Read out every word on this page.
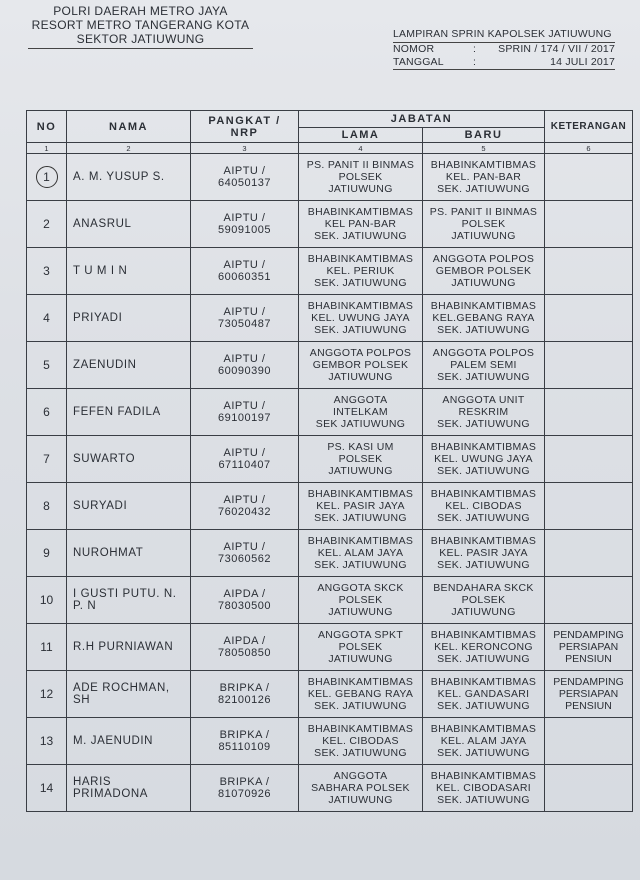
POLRI DAERAH METRO JAYA
RESORT METRO TANGERANG KOTA
SEKTOR JATIUWUNG	LAMPIRAN SPRIN KAPOLSEK JATIUWUNG
NOMOR	:	SPRIN / 174 / VII / 2017
TANGGAL	:	14 JULI 2017
NO	NAMA	PANGKAT / NRP	JABATAN		KETERANGAN
			LAMA	BARU	
1	2	3	4	5	6
1	A. M. YUSUP S.	AIPTU /
64050137	PS. PANIT II BINMAS
POLSEK
JATIUWUNG	BHABINKAMTIBMAS
KEL. PAN-BAR
SEK. JATIUWUNG	
2	ANASRUL	AIPTU /
59091005	BHABINKAMTIBMAS
KEL PAN-BAR
SEK. JATIUWUNG	PS. PANIT II BINMAS
POLSEK
JATIUWUNG	
3	T U M I N	AIPTU /
60060351	BHABINKAMTIBMAS
KEL. PERIUK
SEK. JATIUWUNG	ANGGOTA POLPOS
GEMBOR POLSEK
JATIUWUNG	
4	PRIYADI	AIPTU /
73050487	BHABINKAMTIBMAS
KEL. UWUNG JAYA
SEK. JATIUWUNG	BHABINKAMTIBMAS
KEL.GEBANG RAYA
SEK. JATIUWUNG	
5	ZAENUDIN	AIPTU /
60090390	ANGGOTA POLPOS
GEMBOR POLSEK
JATIUWUNG	ANGGOTA POLPOS
PALEM SEMI
SEK. JATIUWUNG	
6	FEFEN FADILA	AIPTU /
69100197	ANGGOTA
INTELKAM
SEK JATIUWUNG	ANGGOTA UNIT
RESKRIM
SEK. JATIUWUNG	
7	SUWARTO	AIPTU /
67110407	PS. KASI UM
POLSEK
JATIUWUNG	BHABINKAMTIBMAS
KEL. UWUNG JAYA
SEK. JATIUWUNG	
8	SURYADI	AIPTU /
76020432	BHABINKAMTIBMAS
KEL. PASIR JAYA
SEK. JATIUWUNG	BHABINKAMTIBMAS
KEL. CIBODAS
SEK. JATIUWUNG	
9	NUROHMAT	AIPTU /
73060562	BHABINKAMTIBMAS
KEL. ALAM JAYA
SEK. JATIUWUNG	BHABINKAMTIBMAS
KEL. PASIR JAYA
SEK. JATIUWUNG	
10	I GUSTI PUTU. N.
P. N	AIPDA /
78030500	ANGGOTA SKCK
POLSEK
JATIUWUNG	BENDAHARA SKCK
POLSEK
JATIUWUNG	
11	R.H PURNIAWAN	AIPDA /
78050850	ANGGOTA SPKT
POLSEK
JATIUWUNG	BHABINKAMTIBMAS
KEL. KERONCONG
SEK. JATIUWUNG	PENDAMPING
PERSIAPAN
PENSIUN
12	ADE ROCHMAN,
SH	BRIPKA /
82100126	BHABINKAMTIBMAS
KEL. GEBANG RAYA
SEK. JATIUWUNG	BHABINKAMTIBMAS
KEL. GANDASARI
SEK. JATIUWUNG	PENDAMPING
PERSIAPAN
PENSIUN
13	M. JAENUDIN	BRIPKA /
85110109	BHABINKAMTIBMAS
KEL. CIBODAS
SEK. JATIUWUNG	BHABINKAMTIBMAS
KEL. ALAM JAYA
SEK. JATIUWUNG	
14	HARIS
PRIMADONA	BRIPKA /
81070926	ANGGOTA
SABHARA POLSEK
JATIUWUNG	BHABINKAMTIBMAS
KEL. CIBODASARI
SEK. JATIUWUNG	
